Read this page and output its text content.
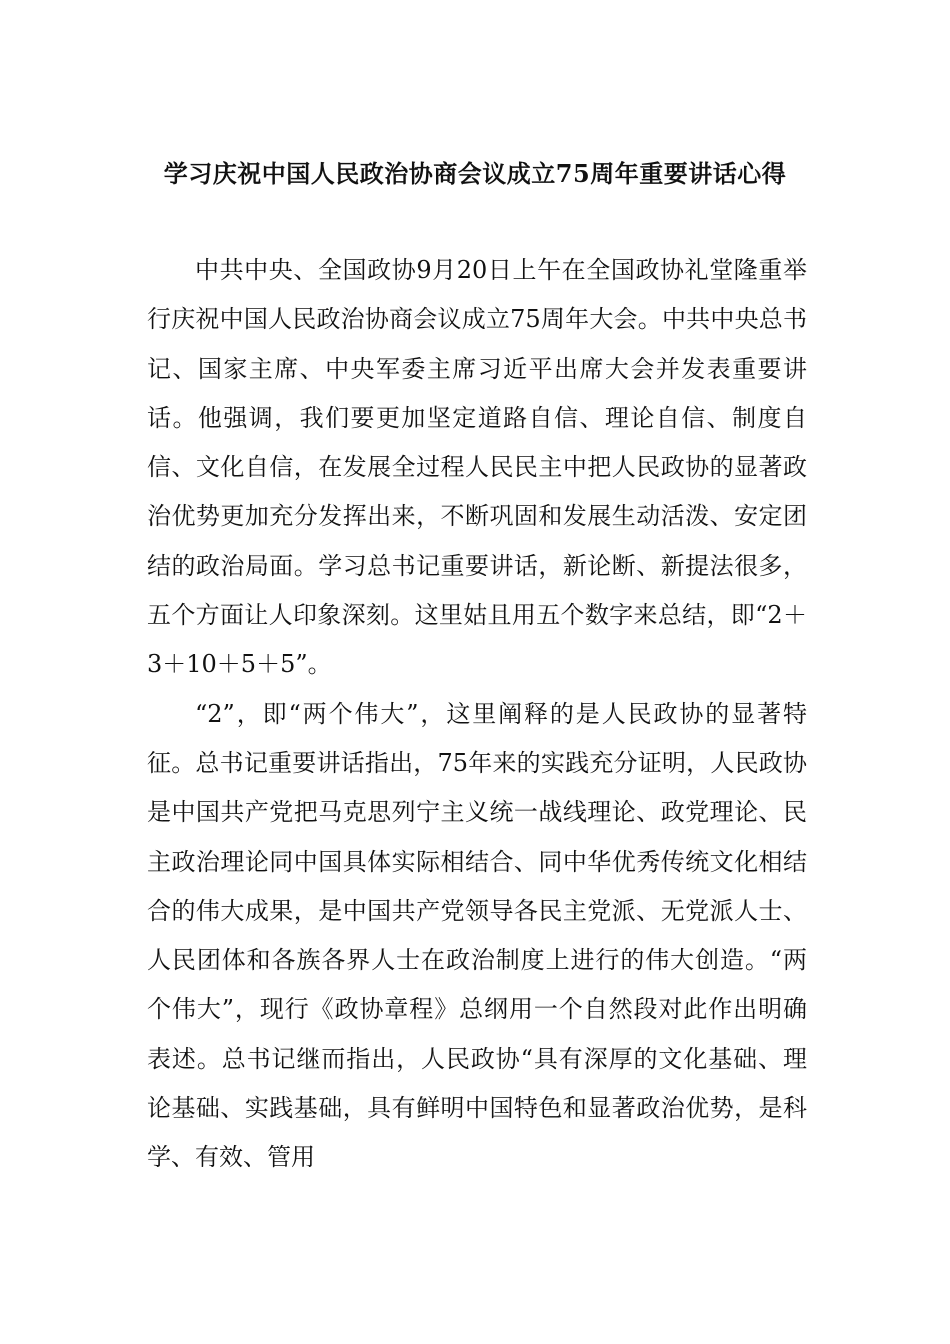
学习庆祝中国人民政治协商会议成立75周年重要讲话心得

中共中央、全国政协9月20日上午在全国政协礼堂隆重举行庆祝中国人民政治协商会议成立75周年大会。中共中央总书记、国家主席、中央军委主席习近平出席大会并发表重要讲话。他强调，我们要更加坚定道路自信、理论自信、制度自信、文化自信，在发展全过程人民民主中把人民政协的显著政治优势更加充分发挥出来，不断巩固和发展生动活泼、安定团结的政治局面。学习总书记重要讲话，新论断、新提法很多，五个方面让人印象深刻。这里姑且用五个数字来总结，即“2＋3＋10＋5＋5”。

“2”，即“两个伟大”，这里阐释的是人民政协的显著特征。总书记重要讲话指出，75年来的实践充分证明，人民政协是中国共产党把马克思列宁主义统一战线理论、政党理论、民主政治理论同中国具体实际相结合、同中华优秀传统文化相结合的伟大成果，是中国共产党领导各民主党派、无党派人士、人民团体和各族各界人士在政治制度上进行的伟大创造。“两个伟大”，现行《政协章程》总纲用一个自然段对此作出明确表述。总书记继而指出，人民政协“具有深厚的文化基础、理论基础、实践基础，具有鲜明中国特色和显著政治优势，是科学、有效、管用
